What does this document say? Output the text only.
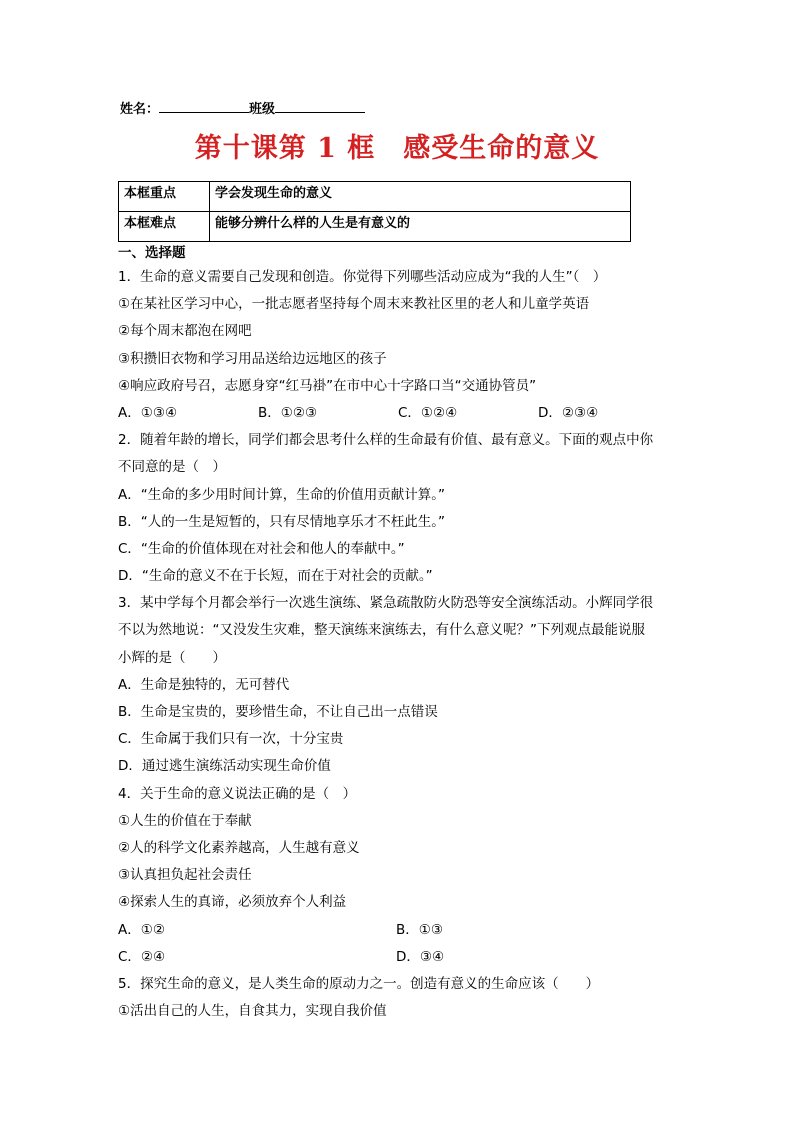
姓名：	班级
第十课第 1 框　感受生命的意义
本框重点	学会发现生命的意义
本框难点	能够分辨什么样的人生是有意义的
一、选择题
1．生命的意义需要自己发现和创造。你觉得下列哪些活动应成为“我的人生”（　）
①在某社区学习中心，一批志愿者坚持每个周末来教社区里的老人和儿童学英语
②每个周末都泡在网吧
③积攒旧衣物和学习用品送给边远地区的孩子
④响应政府号召，志愿身穿“红马褂”在市中心十字路口当“交通协管员”
A．①③④	B．①②③	C．①②④	D．②③④
2．随着年龄的增长，同学们都会思考什么样的生命最有价值、最有意义。下面的观点中你
不同意的是（　）
A．“生命的多少用时间计算，生命的价值用贡献计算。”
B．“人的一生是短暂的，只有尽情地享乐才不枉此生。”
C．“生命的价值体现在对社会和他人的奉献中。”
D．“生命的意义不在于长短，而在于对社会的贡献。”
3．某中学每个月都会举行一次逃生演练、紧急疏散防火防恐等安全演练活动。小辉同学很
不以为然地说：“又没发生灾难，整天演练来演练去，有什么意义呢？”下列观点最能说服
小辉的是（　　）
A．生命是独特的，无可替代
B．生命是宝贵的，要珍惜生命，不让自己出一点错误
C．生命属于我们只有一次，十分宝贵
D．通过逃生演练活动实现生命价值
4．关于生命的意义说法正确的是（　）
①人生的价值在于奉献
②人的科学文化素养越高，人生越有意义
③认真担负起社会责任
④探索人生的真谛，必须放弃个人利益
A．①②	B．①③
C．②④	D．③④
5．探究生命的意义，是人类生命的原动力之一。创造有意义的生命应该（　　）
①活出自己的人生，自食其力，实现自我价值
